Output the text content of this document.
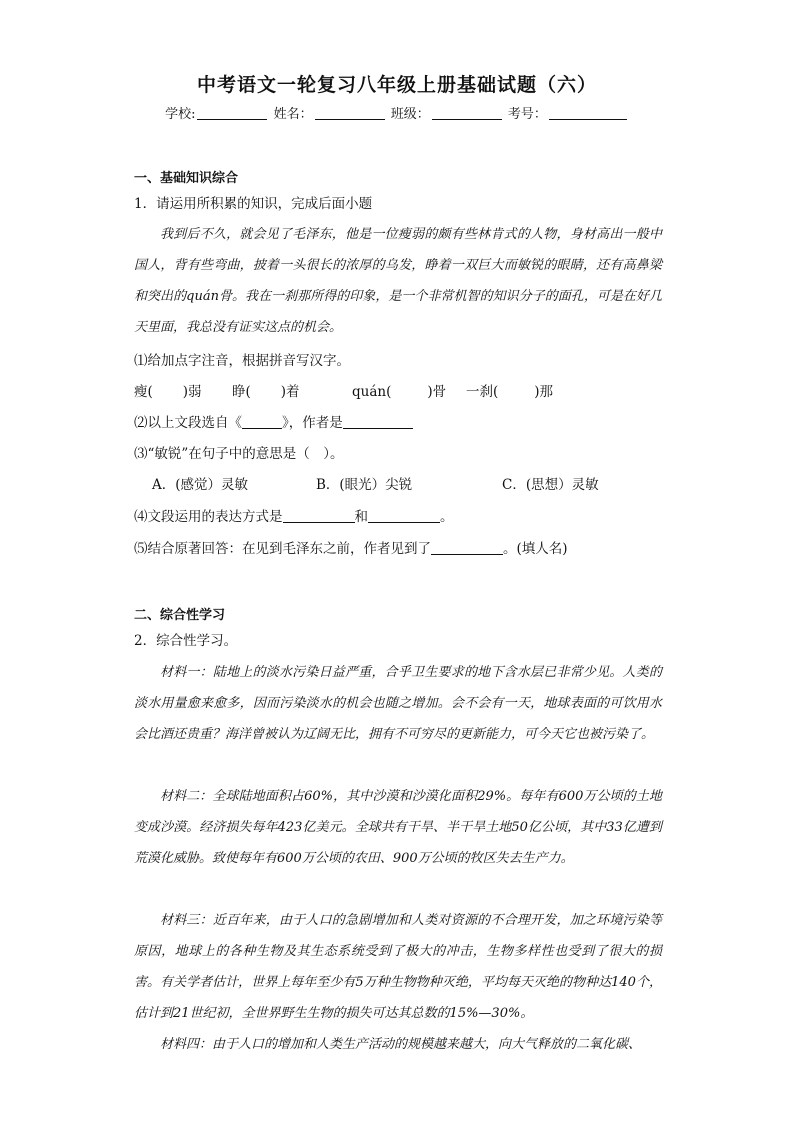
中考语文一轮复习八年级上册基础试题（六）
学校:	姓名：	班级：	考号：
一、基础知识综合
1．请运用所积累的知识，完成后面小题
我到后不久，就会见了毛泽东，他是一位瘦弱的颇有些林肯式的人物，身材高出一般中国人，背有些弯曲，披着一头很长的浓厚的乌发，睁着一双巨大而敏锐的眼睛，还有高鼻梁和突出的quán骨。我在一刹那所得的印象，是一个非常机智的知识分子的面孔，可是在好几天里面，我总没有证实这点的机会。
⑴给加点字注音，根据拼音写汉字。
瘦( )弱 睁( )着	quán(	)骨 一刹(	)那
⑵以上文段选自《	》，作者是
⑶“敏锐”在句子中的意思是（　）。
A．(感觉）灵敏	B．(眼光）尖锐	C．(思想）灵敏
⑷文段运用的表达方式是	和	。
⑸结合原著回答：在见到毛泽东之前，作者见到了	。(填人名)
二、综合性学习
2．综合性学习。
材料一：陆地上的淡水污染日益严重，合乎卫生要求的地下含水层已非常少见。人类的淡水用量愈来愈多，因而污染淡水的机会也随之增加。会不会有一天，地球表面的可饮用水会比酒还贵重？海洋曾被认为辽阔无比，拥有不可穷尽的更新能力，可今天它也被污染了。
材料二：全球陆地面积占60%，其中沙漠和沙漠化面积29%。每年有600万公顷的土地变成沙漠。经济损失每年423亿美元。全球共有干旱、半干旱土地50亿公顷，其中33亿遭到荒漠化威胁。致使每年有600万公顷的农田、900万公顷的牧区失去生产力。
材料三：近百年来，由于人口的急剧增加和人类对资源的不合理开发，加之环境污染等原因，地球上的各种生物及其生态系统受到了极大的冲击，生物多样性也受到了很大的损害。有关学者估计，世界上每年至少有5万种生物物种灭绝，平均每天灭绝的物种达140个，估计到21世纪初，全世界野生生物的损失可达其总数的15%—30%。
材料四：由于人口的增加和人类生产活动的规模越来越大，向大气释放的二氧化碳、
